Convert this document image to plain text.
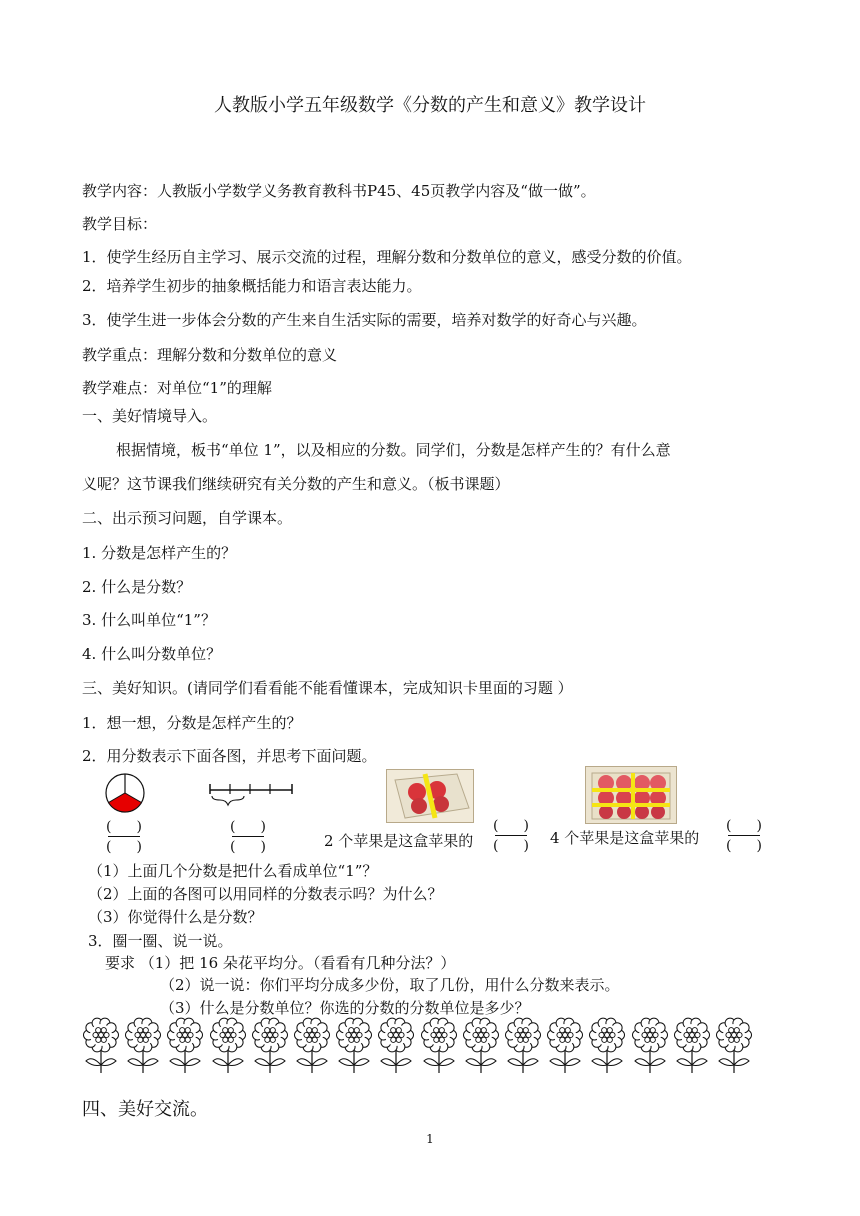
人教版小学五年级数学《分数的产生和意义》教学设计
教学内容：人教版小学数学义务教育教科书P45、45页教学内容及“做一做”。
教学目标：
1．使学生经历自主学习、展示交流的过程，理解分数和分数单位的意义，感受分数的价值。
2．培养学生初步的抽象概括能力和语言表达能力。
3．使学生进一步体会分数的产生来自生活实际的需要，培养对数学的好奇心与兴趣。
教学重点：理解分数和分数单位的意义
教学难点：对单位“1”的理解
一、美好情境导入。
根据情境，板书“单位 1”，以及相应的分数。同学们，分数是怎样产生的？有什么意
义呢？这节课我们继续研究有关分数的产生和意义。（板书课题）
二、出示预习问题，自学课本。
1. 分数是怎样产生的？
2. 什么是分数？
3. 什么叫单位“1”？
4. 什么叫分数单位？
三、美好知识。(请同学们看看能不能看懂课本，完成知识卡里面的习题 ）
1．想一想，分数是怎样产生的？
2．用分数表示下面各图，并思考下面问题。
( )
( )
( )
( )	2 个苹果是这盒苹果的
( )
( ) 4 个苹果是这盒苹果的
( )
( )
（1）上面几个分数是把什么看成单位“1”？
（2）上面的各图可以用同样的分数表示吗？为什么？
（3）你觉得什么是分数？
3．圈一圈、说一说。
要求 （1）把 16 朵花平均分。（看看有几种分法？）
（2）说一说：你们平均分成多少份，取了几份，用什么分数来表示。
（3）什么是分数单位？你选的分数的分数单位是多少？
四、美好交流。
1
